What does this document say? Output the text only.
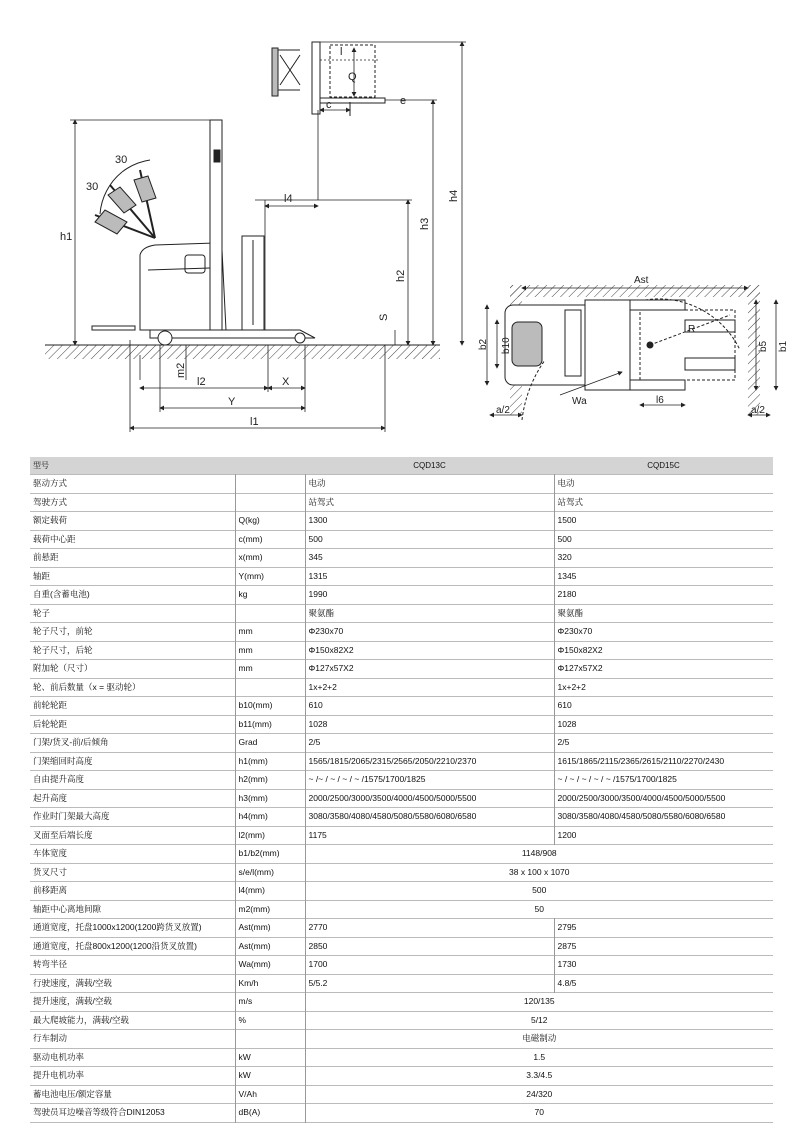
h1
h2
h3
h4
l4
S
m2
l2	X
Y
l1
30
30
l
Q
c	e
Ast
b10
b2	b5 b1
Wa
R
l6
a/2	a/2
型号		CQD13C	CQD15C
驱动方式		电动	电动
驾驶方式		站驾式	站驾式
额定载荷	Q(kg)	1300	1500
载荷中心距	c(mm)	500	500
前悬距	x(mm)	345	320
轴距	Y(mm)	1315	1345
自重(含蓄电池)	kg	1990	2180
轮子		聚氨酯	聚氨酯
轮子尺寸，前轮	mm	Φ230x70	Φ230x70
轮子尺寸，后轮	mm	Φ150x82X2	Φ150x82X2
附加轮（尺寸）	mm	Φ127x57X2	Φ127x57X2
轮、前后数量（x = 驱动轮）		1x+2+2	1x+2+2
前轮轮距	b10(mm)	610	610
后轮轮距	b11(mm)	1028	1028
门架/货叉-前/后倾角	Grad	2/5	2/5
门架缩回时高度	h1(mm)	1565/1815/2065/2315/2565/2050/2210/2370	1615/1865/2115/2365/2615/2110/2270/2430
自由提升高度	h2(mm)	~ /~ / ~ / ~ / ~ /1575/1700/1825	~ / ~ / ~ / ~ / ~ /1575/1700/1825
起升高度	h3(mm)	2000/2500/3000/3500/4000/4500/5000/5500	2000/2500/3000/3500/4000/4500/5000/5500
作业时门架最大高度	h4(mm)	3080/3580/4080/4580/5080/5580/6080/6580	3080/3580/4080/4580/5080/5580/6080/6580
叉面至后端长度	l2(mm)	1175	1200
车体宽度	b1/b2(mm)	1148/908	
货叉尺寸	s/e/l(mm)	38 x 100 x 1070	
前移距离	l4(mm)	500	
轴距中心离地间隙	m2(mm)	50	
通道宽度，托盘1000x1200(1200跨货叉放置)	Ast(mm)	2770	2795
通道宽度，托盘800x1200(1200沿货叉放置)	Ast(mm)	2850	2875
转弯半径	Wa(mm)	1700	1730
行驶速度，满载/空载	Km/h	5/5.2	4.8/5
提升速度，满载/空载	m/s	120/135	
最大爬坡能力，满载/空载	%	5/12	
行车制动		电磁制动	
驱动电机功率	kW	1.5	
提升电机功率	kW	3.3/4.5	
蓄电池电压/额定容量	V/Ah	24/320	
驾驶员耳边噪音等级符合DIN12053	dB(A)	70	
